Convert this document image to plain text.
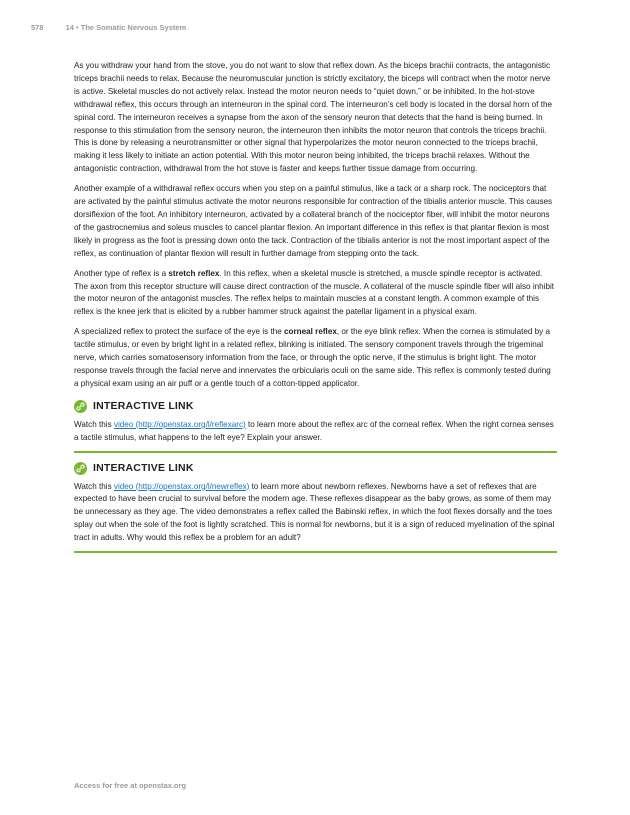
578	14 • The Somatic Nervous System

As you withdraw your hand from the stove, you do not want to slow that reflex down. As the biceps brachii contracts, the antagonistic triceps brachii needs to relax. Because the neuromuscular junction is strictly excitatory, the biceps will contract when the motor nerve is active. Skeletal muscles do not actively relax. Instead the motor neuron needs to “quiet down,” or be inhibited. In the hot-stove withdrawal reflex, this occurs through an interneuron in the spinal cord. The interneuron’s cell body is located in the dorsal horn of the spinal cord. The interneuron receives a synapse from the axon of the sensory neuron that detects that the hand is being burned. In response to this stimulation from the sensory neuron, the interneuron then inhibits the motor neuron that controls the triceps brachii. This is done by releasing a neurotransmitter or other signal that hyperpolarizes the motor neuron connected to the triceps brachii, making it less likely to initiate an action potential. With this motor neuron being inhibited, the triceps brachii relaxes. Without the antagonistic contraction, withdrawal from the hot stove is faster and keeps further tissue damage from occurring.

Another example of a withdrawal reflex occurs when you step on a painful stimulus, like a tack or a sharp rock. The nociceptors that are activated by the painful stimulus activate the motor neurons responsible for contraction of the tibialis anterior muscle. This causes dorsiflexion of the foot. An inhibitory interneuron, activated by a collateral branch of the nociceptor fiber, will inhibit the motor neurons of the gastrocnemius and soleus muscles to cancel plantar flexion. An important difference in this reflex is that plantar flexion is most likely in progress as the foot is pressing down onto the tack. Contraction of the tibialis anterior is not the most important aspect of the reflex, as continuation of plantar flexion will result in further damage from stepping onto the tack.

Another type of reflex is a stretch reflex. In this reflex, when a skeletal muscle is stretched, a muscle spindle receptor is activated. The axon from this receptor structure will cause direct contraction of the muscle. A collateral of the muscle spindle fiber will also inhibit the motor neuron of the antagonist muscles. The reflex helps to maintain muscles at a constant length. A common example of this reflex is the knee jerk that is elicited by a rubber hammer struck against the patellar ligament in a physical exam.

A specialized reflex to protect the surface of the eye is the corneal reflex, or the eye blink reflex. When the cornea is stimulated by a tactile stimulus, or even by bright light in a related reflex, blinking is initiated. The sensory component travels through the trigeminal nerve, which carries somatosensory information from the face, or through the optic nerve, if the stimulus is bright light. The motor response travels through the facial nerve and innervates the orbicularis oculi on the same side. This reflex is commonly tested during a physical exam using an air puff or a gentle touch of a cotton-tipped applicator.

INTERACTIVE LINK

Watch this video (http://openstax.org/l/reflexarc) to learn more about the reflex arc of the corneal reflex. When the right cornea senses a tactile stimulus, what happens to the left eye? Explain your answer.

INTERACTIVE LINK

Watch this video (http://openstax.org/l/newreflex) to learn more about newborn reflexes. Newborns have a set of reflexes that are expected to have been crucial to survival before the modern age. These reflexes disappear as the baby grows, as some of them may be unnecessary as they age. The video demonstrates a reflex called the Babinski reflex, in which the foot flexes dorsally and the toes splay out when the sole of the foot is lightly scratched. This is normal for newborns, but it is a sign of reduced myelination of the spinal tract in adults. Why would this reflex be a problem for an adult?

Access for free at openstax.org
